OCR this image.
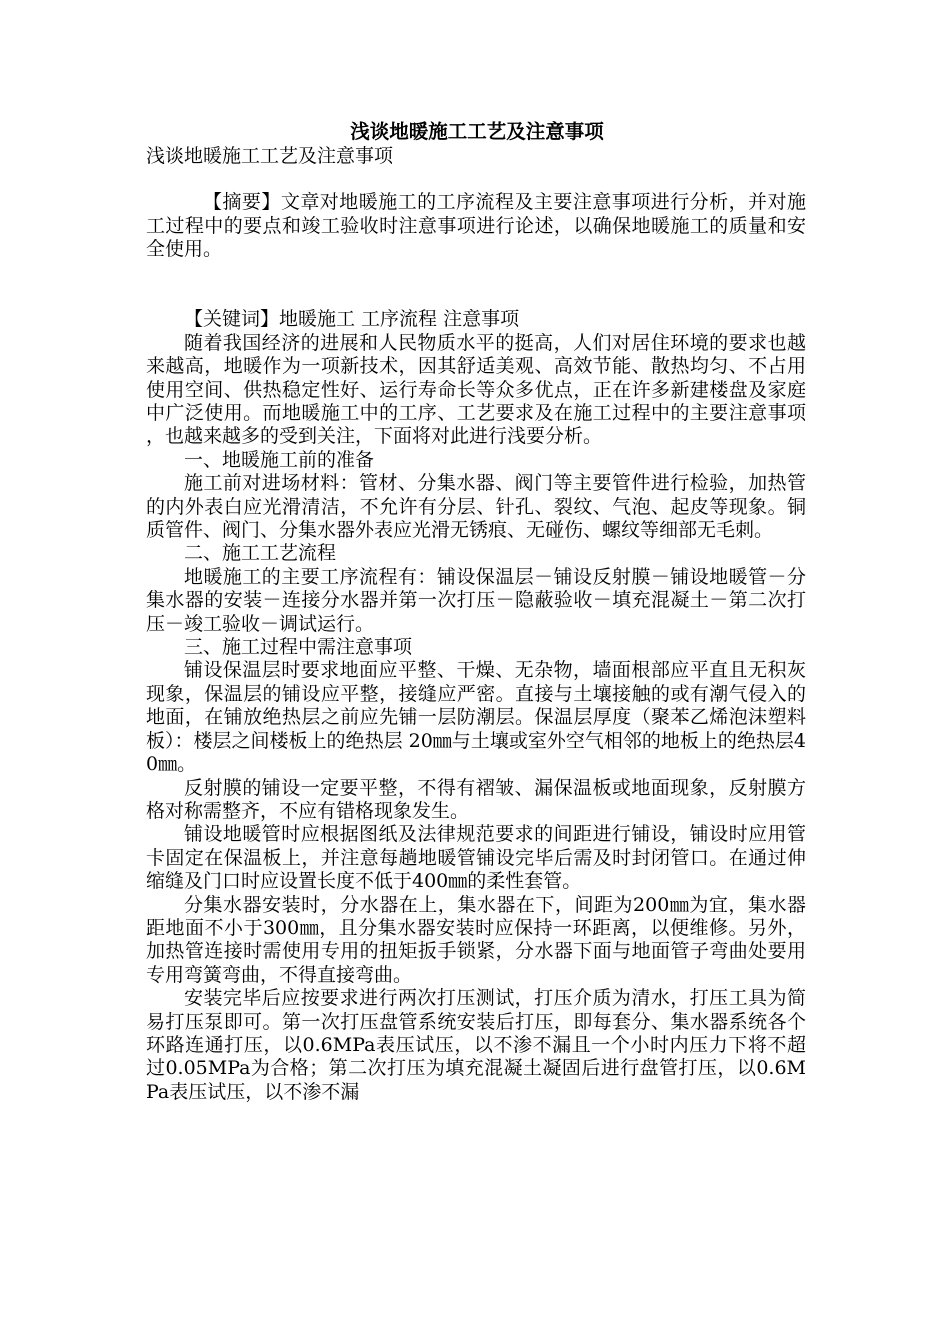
浅谈地暖施工工艺及注意事项
浅谈地暖施工工艺及注意事项

【摘要】文章对地暖施工的工序流程及主要注意事项进行分析，并对施工过程中的要点和竣工验收时注意事项进行论述，以确保地暖施工的质量和安全使用。

【关键词】地暖施工 工序流程 注意事项

随着我国经济的进展和人民物质水平的挺高，人们对居住环境的要求也越来越高，地暖作为一项新技术，因其舒适美观、高效节能、散热均匀、不占用使用空间、供热稳定性好、运行寿命长等众多优点，正在许多新建楼盘及家庭中广泛使用。而地暖施工中的工序、工艺要求及在施工过程中的主要注意事项，也越来越多的受到关注，下面将对此进行浅要分析。

一、地暖施工前的准备

施工前对进场材料：管材、分集水器、阀门等主要管件进行检验，加热管的内外表白应光滑清洁，不允许有分层、针孔、裂纹、气泡、起皮等现象。铜质管件、阀门、分集水器外表应光滑无锈痕、无碰伤、螺纹等细部无毛刺。

二、施工工艺流程

地暖施工的主要工序流程有：铺设保温层－铺设反射膜－铺设地暖管－分集水器的安装－连接分水器并第一次打压－隐蔽验收－填充混凝土－第二次打压－竣工验收－调试运行。

三、施工过程中需注意事项

铺设保温层时要求地面应平整、干燥、无杂物，墙面根部应平直且无积灰现象，保温层的铺设应平整，接缝应严密。直接与土壤接触的或有潮气侵入的地面，在铺放绝热层之前应先铺一层防潮层。保温层厚度（聚苯乙烯泡沫塑料板）：楼层之间楼板上的绝热层 20㎜与土壤或室外空气相邻的地板上的绝热层40㎜。

反射膜的铺设一定要平整，不得有褶皱、漏保温板或地面现象，反射膜方格对称需整齐，不应有错格现象发生。

铺设地暖管时应根据图纸及法律规范要求的间距进行铺设，铺设时应用管卡固定在保温板上，并注意每趟地暖管铺设完毕后需及时封闭管口。在通过伸缩缝及门口时应设置长度不低于400㎜的柔性套管。

分集水器安装时，分水器在上，集水器在下，间距为200㎜为宜，集水器距地面不小于300㎜，且分集水器安装时应保持一环距离，以便维修。另外，加热管连接时需使用专用的扭矩扳手锁紧，分水器下面与地面管子弯曲处要用专用弯簧弯曲，不得直接弯曲。

安装完毕后应按要求进行两次打压测试，打压介质为清水，打压工具为简易打压泵即可。第一次打压盘管系统安装后打压，即每套分、集水器系统各个环路连通打压，以0.6MPa表压试压，以不渗不漏且一个小时内压力下将不超过0.05MPa为合格；第二次打压为填充混凝土凝固后进行盘管打压，以0.6MPa表压试压，以不渗不漏
